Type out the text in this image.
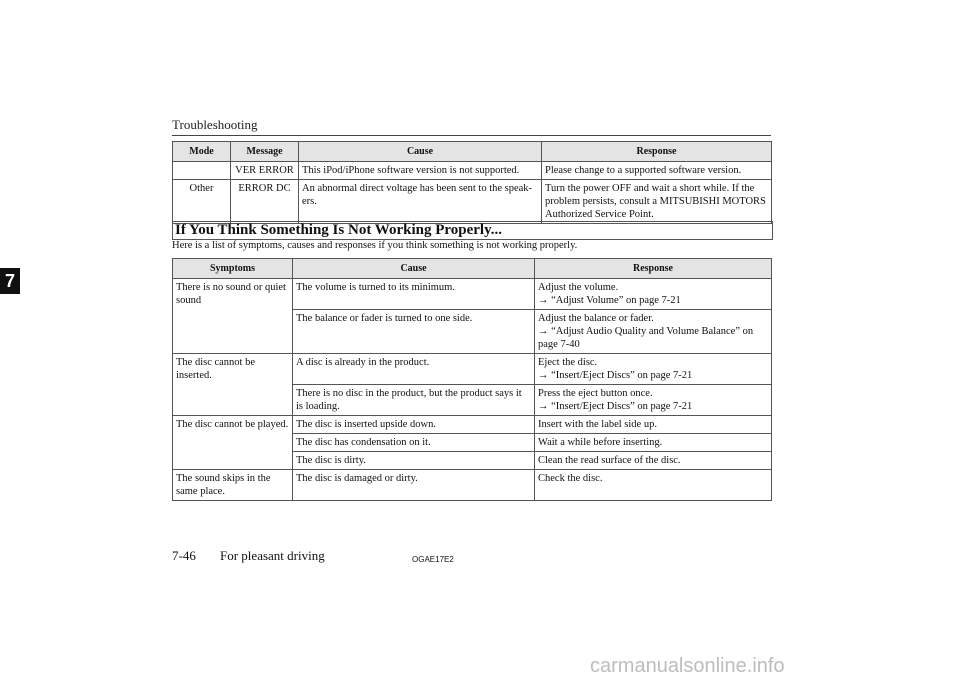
Troubleshooting
7
Mode	Message	Cause	Response
	VER ERROR	This iPod/iPhone software version is not supported.	Please change to a supported software version.
Other	ERROR DC	An abnormal direct voltage has been sent to the speak-ers.	Turn the power OFF and wait a short while. If the problem persists, consult a MITSUBISHI MOTORS Authorized Service Point.
If You Think Something Is Not Working Properly...
Here is a list of symptoms, causes and responses if you think something is not working properly.
Symptoms	Cause	Response
There is no sound or quiet sound	The volume is turned to its minimum.	Adjust the volume.
→ “Adjust Volume” on page 7-21

	The balance or fader is turned to one side.	Adjust the balance or fader.
→ “Adjust Audio Quality and Volume Balance” on page 7-40

The disc cannot be inserted.	A disc is already in the product.	Eject the disc.
→ “Insert/Eject Discs” on page 7-21

	There is no disc in the product, but the product says it is loading.	Press the eject button once.
→ “Insert/Eject Discs” on page 7-21

The disc cannot be played.	The disc is inserted upside down.	Insert with the label side up.
	The disc has condensation on it.	Wait a while before inserting.
	The disc is dirty.	Clean the read surface of the disc.
The sound skips in the same place.	The disc is damaged or dirty.	Check the disc.
7-46 For pleasant driving	OGAE17E2
carmanualsonline.info
